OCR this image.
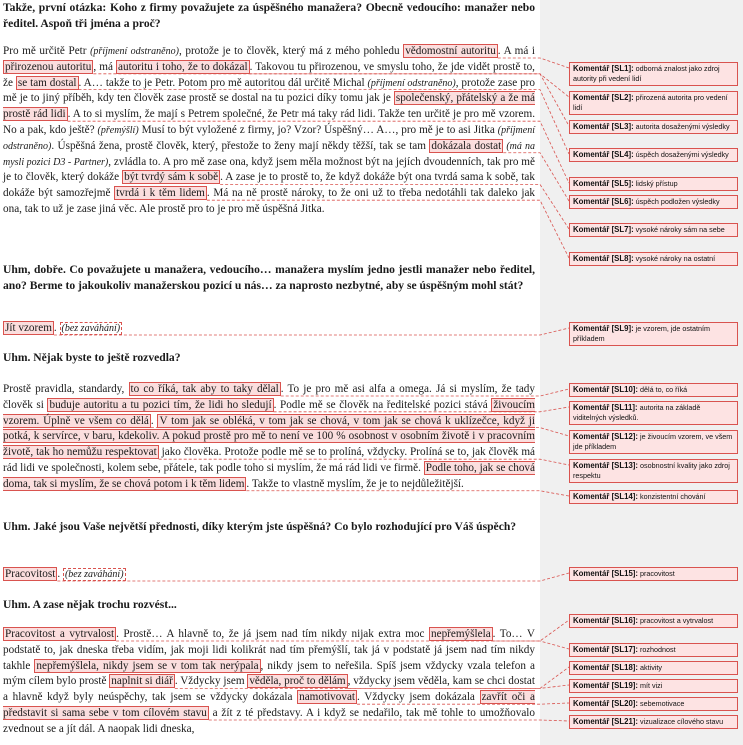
Takže, první otázka: Koho z firmy považujete za úspěšného manažera? Obecně vedoucího: manažer nebo ředitel. Aspoň tři jména a proč?

Pro mě určitě Petr (příjmení odstraněno), protože je to člověk, který má z mého pohledu vědomostní autoritu . A má i přirozenou autoritu , má autoritu i toho, že to dokázal . Takovou tu přirozenou, ve smyslu toho, že jde vidět prostě to, že se tam dostal . A… takže to je Petr. Potom pro mě autoritou dál určitě Michal (příjmení odstraněno), protože zase pro mě je to jiný příběh, kdy ten člověk zase prostě se dostal na tu pozici díky tomu jak je společenský, přátelský a že má prostě rád lidi . A to si myslím, že mají s Petrem společné, že Petr má taky rád lidi. Takže ten určitě je pro mě vzorem. No a pak, kdo ještě? (přemýšlí) Musí to být vyložené z firmy, jo? Vzor? Úspěšný… A…, pro mě je to asi Jitka (příjmení odstraněno). Úspěšná žena, prostě člověk, který, přestože to ženy mají někdy těžší, tak se tam dokázala dostat (má na mysli pozici D3 - Partner), zvládla to. A pro mě zase ona, když jsem měla možnost být na jejích dvoudenních, tak pro mě je to člověk, který dokáže být tvrdý sám k sobě . A zase je to prostě to, že když dokáže být ona tvrdá sama k sobě, tak dokáže být samozřejmě tvrdá i k těm lidem . Má na ně prostě nároky, to že oni už to třeba nedotáhli tak daleko jak ona, tak to už je zase jiná věc. Ale prostě pro to je pro mě úspěšná Jitka.

Uhm, dobře. Co považujete u manažera, vedoucího… manažera myslím jedno jestli manažer nebo ředitel, ano? Berme to jakoukoliv manažerskou pozicí u nás… za naprosto nezbytné, aby se úspěšným mohl stát?

Jít vzorem . (bez zaváhání)

Uhm. Nějak byste to ještě rozvedla?

Prostě pravidla, standardy, to co říká, tak aby to taky dělal . To je pro mě asi alfa a omega. Já si myslím, že tady člověk si buduje autoritu a tu pozici tím, že lidi ho sledují . Podle mě se člověk na ředitelské pozici stává živoucím vzorem. Úplně ve všem co dělá . V tom jak se obléká, v tom jak se chová, v tom jak se chová k uklízečce, když ji potká, k servírce, v baru, kdekoliv. A pokud prostě pro mě to není ve 100 % osobnost v osobním životě i v pracovním životě, tak ho nemůžu respektovat jako člověka. Protože podle mě se to prolíná, vždycky. Prolíná se to, jak člověk má rád lidi ve společnosti, kolem sebe, přátele, tak podle toho si myslím, že má rád lidi ve firmě. Podle toho, jak se chová doma, tak si myslím, že se chová potom i k těm lidem . Takže to vlastně myslím, že je to nejdůležitější.

Uhm. Jaké jsou Vaše největší přednosti, díky kterým jste úspěšná? Co bylo rozhodující pro Váš úspěch?

Pracovitost . (bez zaváhání)

Uhm. A zase nějak trochu rozvést...

Pracovitost a vytrvalost . Prostě… A hlavně to, že já jsem nad tím nikdy nijak extra moc nepřemýšlela . To… V podstatě to, jak dneska třeba vidím, jak moji lidi kolikrát nad tím přemýšlí, tak já v podstatě já jsem nad tím nikdy takhle nepřemýšlela, nikdy jsem se v tom tak nerýpala , nikdy jsem to neřešila. Spíš jsem vždycky vzala telefon a mým cílem bylo prostě naplnit si diář . Vždycky jsem věděla, proč to dělám , vždycky jsem věděla, kam se chci dostat a hlavně když byly neúspěchy, tak jsem se vždycky dokázala namotivovat . Vždycky jsem dokázala zavřít oči a představit si sama sebe v tom cílovém stavu a žít z té představy. A i když se nedařilo, tak mě tohle to umožňovalo zvednout se a jít dál. A naopak lidi dneska,

Komentář [SL1]: odborná znalost jako zdroj autority při vedení lidí
Komentář [SL2]: přirozená autorita pro vedení lidí
Komentář [SL3]: autorita dosaženými výsledky
Komentář [SL4]: úspěch dosaženými výsledky
Komentář [SL5]: lidský přístup
Komentář [SL6]: úspěch podložen výsledky
Komentář [SL7]: vysoké nároky sám na sebe
Komentář [SL8]: vysoké nároky na ostatní
Komentář [SL9]: je vzorem, jde ostatním příkladem
Komentář [SL10]: dělá to, co říká
Komentář [SL11]: autorita na základě viditelných výsledků.
Komentář [SL12]: je živoucím vzorem, ve všem jde příkladem
Komentář [SL13]: osobnostní kvality jako zdroj respektu
Komentář [SL14]: konzistentní chování
Komentář [SL15]: pracovitost
Komentář [SL16]: pracovitost a vytrvalost
Komentář [SL17]: rozhodnost
Komentář [SL18]: aktivity
Komentář [SL19]: mít vizi
Komentář [SL20]: sebemotivace
Komentář [SL21]: vizualizace cílového stavu
